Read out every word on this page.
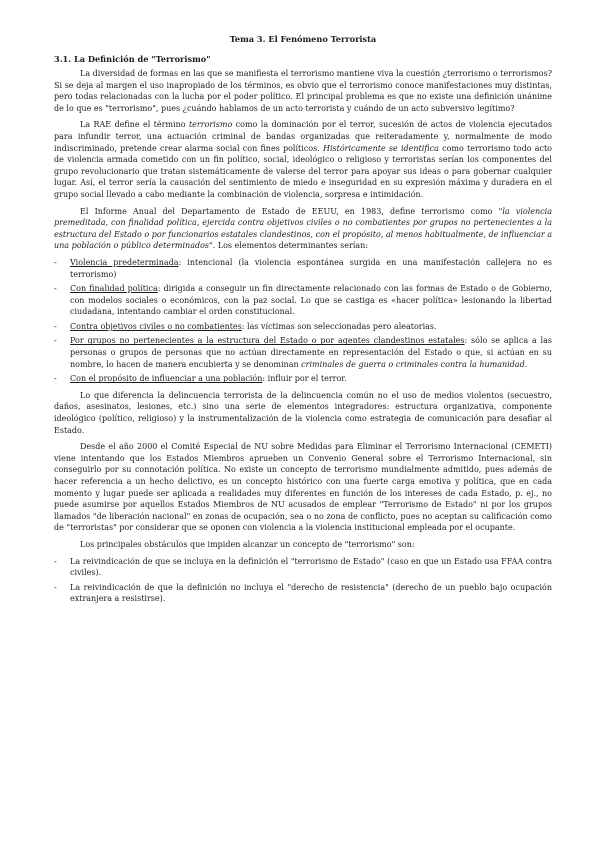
Tema 3. El Fenómeno Terrorista
3.1. La Definición de "Terrorismo"

La diversidad de formas en las que se manifiesta el terrorismo mantiene viva la cuestión ¿terrorismo o terrorismos? Si se deja al margen el uso inapropiado de los términos, es obvio que el terrorismo conoce manifestaciones muy distintas, pero todas relacionadas con la lucha por el poder político. El principal problema es que no existe una definición unánime de lo que es "terrorismo", pues ¿cuándo hablamos de un acto terrorista y cuándo de un acto subversivo legítimo?

La RAE define el término terrorismo como la dominación por el terror, sucesión de actos de violencia ejecutados para infundir terror, una actuación criminal de bandas organizadas que reiteradamente y, normalmente de modo indiscriminado, pretende crear alarma social con fines políticos. Históricamente se identifica como terrorismo todo acto de violencia armada cometido con un fin político, social, ideológico o religioso y terroristas serían los componentes del grupo revolucionario que tratan sistemáticamente de valerse del terror para apoyar sus ideas o para gobernar cualquier lugar. Así, el terror sería la causación del sentimiento de miedo e inseguridad en su expresión máxima y duradera en el grupo social llevado a cabo mediante la combinación de violencia, sorpresa e intimidación.

El Informe Anual del Departamento de Estado de EEUU, en 1983, define terrorismo como "la violencia premeditada, con finalidad política, ejercida contra objetivos civiles o no combatientes por grupos no pertenecientes a la estructura del Estado o por funcionarios estatales clandestinos, con el propósito, al menos habitualmente, de influenciar a una población o público determinados". Los elementos determinantes serían:

- Violencia predeterminada: intencional (la violencia espontánea surgida en una manifestación callejera no es terrorismo)
- Con finalidad política: dirigida a conseguir un fin directamente relacionado con las formas de Estado o de Gobierno, con modelos sociales o económicos, con la paz social. Lo que se castiga es «hacer política» lesionando la libertad ciudadana, intentando cambiar el orden constitucional.
- Contra objetivos civiles o no combatientes: las víctimas son seleccionadas pero aleatorias.
- Por grupos no pertenecientes a la estructura del Estado o por agentes clandestinos estatales: sólo se aplica a las personas o grupos de personas que no actúan directamente en representación del Estado o que, si actúan en su nombre, lo hacen de manera encubierta y se denominan criminales de guerra o criminales contra la humanidad.
- Con el propósito de influenciar a una población: influir por el terror.

Lo que diferencia la delincuencia terrorista de la delincuencia común no el uso de medios violentos (secuestro, daños, asesinatos, lesiones, etc.) sino una serie de elementos integradores: estructura organizativa, componente ideológico (político, religioso) y la instrumentalización de la violencia como estrategia de comunicación para desafiar al Estado.

Desde el año 2000 el Comité Especial de NU sobre Medidas para Eliminar el Terrorismo Internacional (CEMETI) viene intentando que los Estados Miembros aprueben un Convenio General sobre el Terrorismo Internacional, sin conseguirlo por su connotación política. No existe un concepto de terrorismo mundialmente admitido, pues además de hacer referencia a un hecho delictivo, es un concepto histórico con una fuerte carga emotiva y política, que en cada momento y lugar puede ser aplicada a realidades muy diferentes en función de los intereses de cada Estado, p. ej., no puede asumirse por aquellos Estados Miembros de NU acusados de emplear "Terrorismo de Estado" ni por los grupos llamados "de liberación nacional" en zonas de ocupación, sea o no zona de conflicto, pues no aceptan su calificación como de "terroristas" por considerar que se oponen con violencia a la violencia institucional empleada por el ocupante.

Los principales obstáculos que impiden alcanzar un concepto de "terrorismo" son:

- La reivindicación de que se incluya en la definición el "terrorismo de Estado" (caso en que un Estado usa FFAA contra civiles).
- La reivindicación de que la definición no incluya el "derecho de resistencia" (derecho de un pueblo bajo ocupación extranjera a resistirse).
